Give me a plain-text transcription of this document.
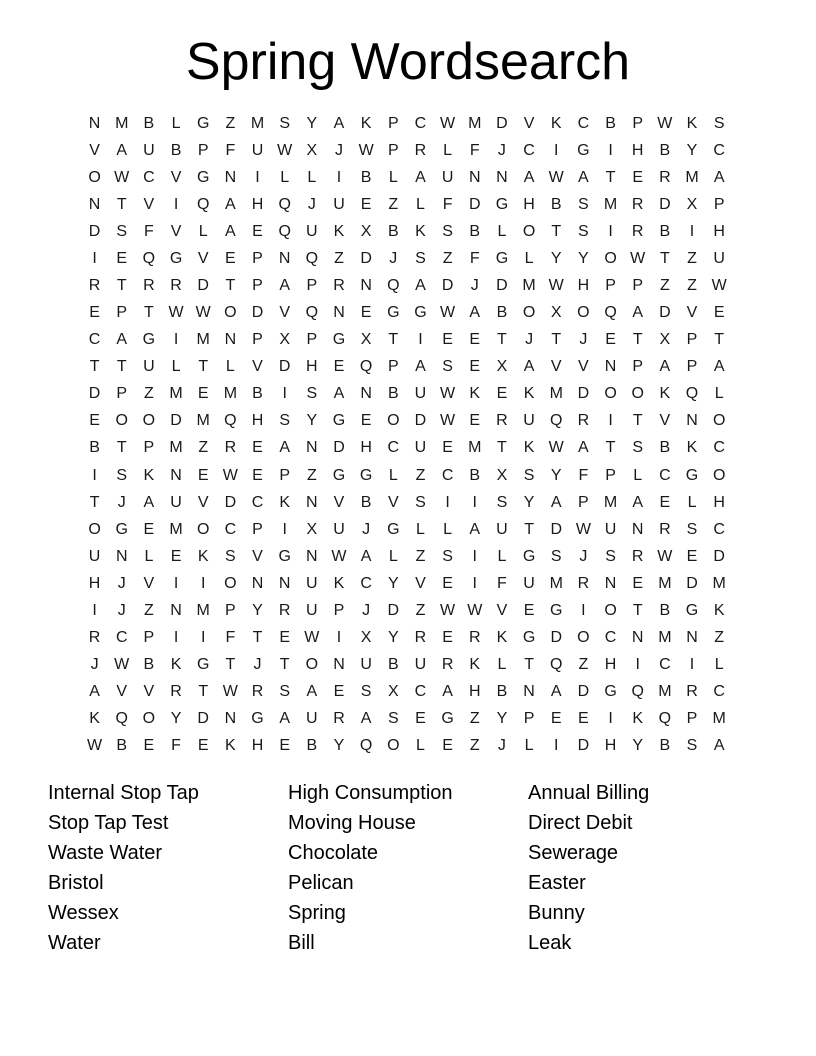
Spring Wordsearch
N M B	L	G	Z M S	Y	A	K	P	C W M D	V	K	C	B	P W K	S
V	A	U	B	P	F	U W X	J W P	R	L	F	J	C	I	G	I	H	B	Y	C
O W C	V G N	I	L	L	I	B	L	A	U N N	A W A	T	E	R M A
N	T	V	I	Q A	H Q	J	U	E	Z	L	F	D G H	B	S M R D	X	P
D	S	F	V	L	A	E Q U	K	X	B	K	S	B	L	O	T	S	I	R	B	I	H
I	E Q G V	E	P	N Q	Z	D	J	S	Z	F	G	L	Y	Y O W T	Z	U
R	T	R R D	T	P	A	P	R N Q A	D	J	D M W H	P	P	Z	Z W
E	P	T W W O D	V Q N	E G G W A	B O X O Q A	D	V	E
C	A G	I	M N	P	X	P G X	T	I	E	E	T	J	T	J	E	T	X	P	T
T	T	U	L	T	L	V	D H	E Q P	A	S	E	X	A	V	V	N	P	A	P	A
D	P	Z M E M B	I	S	A	N	B	U W K	E	K M D O O K Q	L
E O O D M Q H	S	Y G E O D W E	R U Q R	I	T	V	N O
B	T	P M Z	R	E	A	N D H C U	E M T	K W A	T	S	B	K	C
I	S	K	N	E W E	P	Z	G G	L	Z	C	B	X	S	Y	F	P	L	C G O
T	J	A	U	V	D C	K	N	V	B	V	S	I	I	S	Y	A	P M A	E	L	H
O G E M O C	P	I	X	U	J	G	L	L	A	U	T	D W U N R	S	C
U N	L	E	K	S	V G N W A	L	Z	S	I	L	G S	J	S	R W E	D
H	J	V	I	I	O N N U	K	C	Y	V	E	I	F	U M R N	E M D M
I	J	Z	N M P	Y	R U	P	J	D	Z W W V	E G	I	O	T	B G K
R C	P	I	I	F	T	E W	I	X	Y	R	E	R	K G D O C N M N	Z
J W B	K G	T	J	T	O N U	B	U R	K	L	T	Q	Z	H	I	C	I	L
A	V	V	R	T W R	S	A	E	S	X	C	A	H	B	N	A	D G Q M R C
K Q O Y	D N G A	U R	A	S	E G	Z	Y	P	E	E	I	K Q P M
W B	E	F	E	K	H	E	B	Y Q O	L	E	Z	J	L	I	D H	Y	B	S	A
Internal Stop Tap
Stop Tap Test
Waste Water
Bristol
Wessex
Water
High Consumption
Moving House
Chocolate
Pelican
Spring
Bill
Annual Billing
Direct Debit
Sewerage
Easter
Bunny
Leak
